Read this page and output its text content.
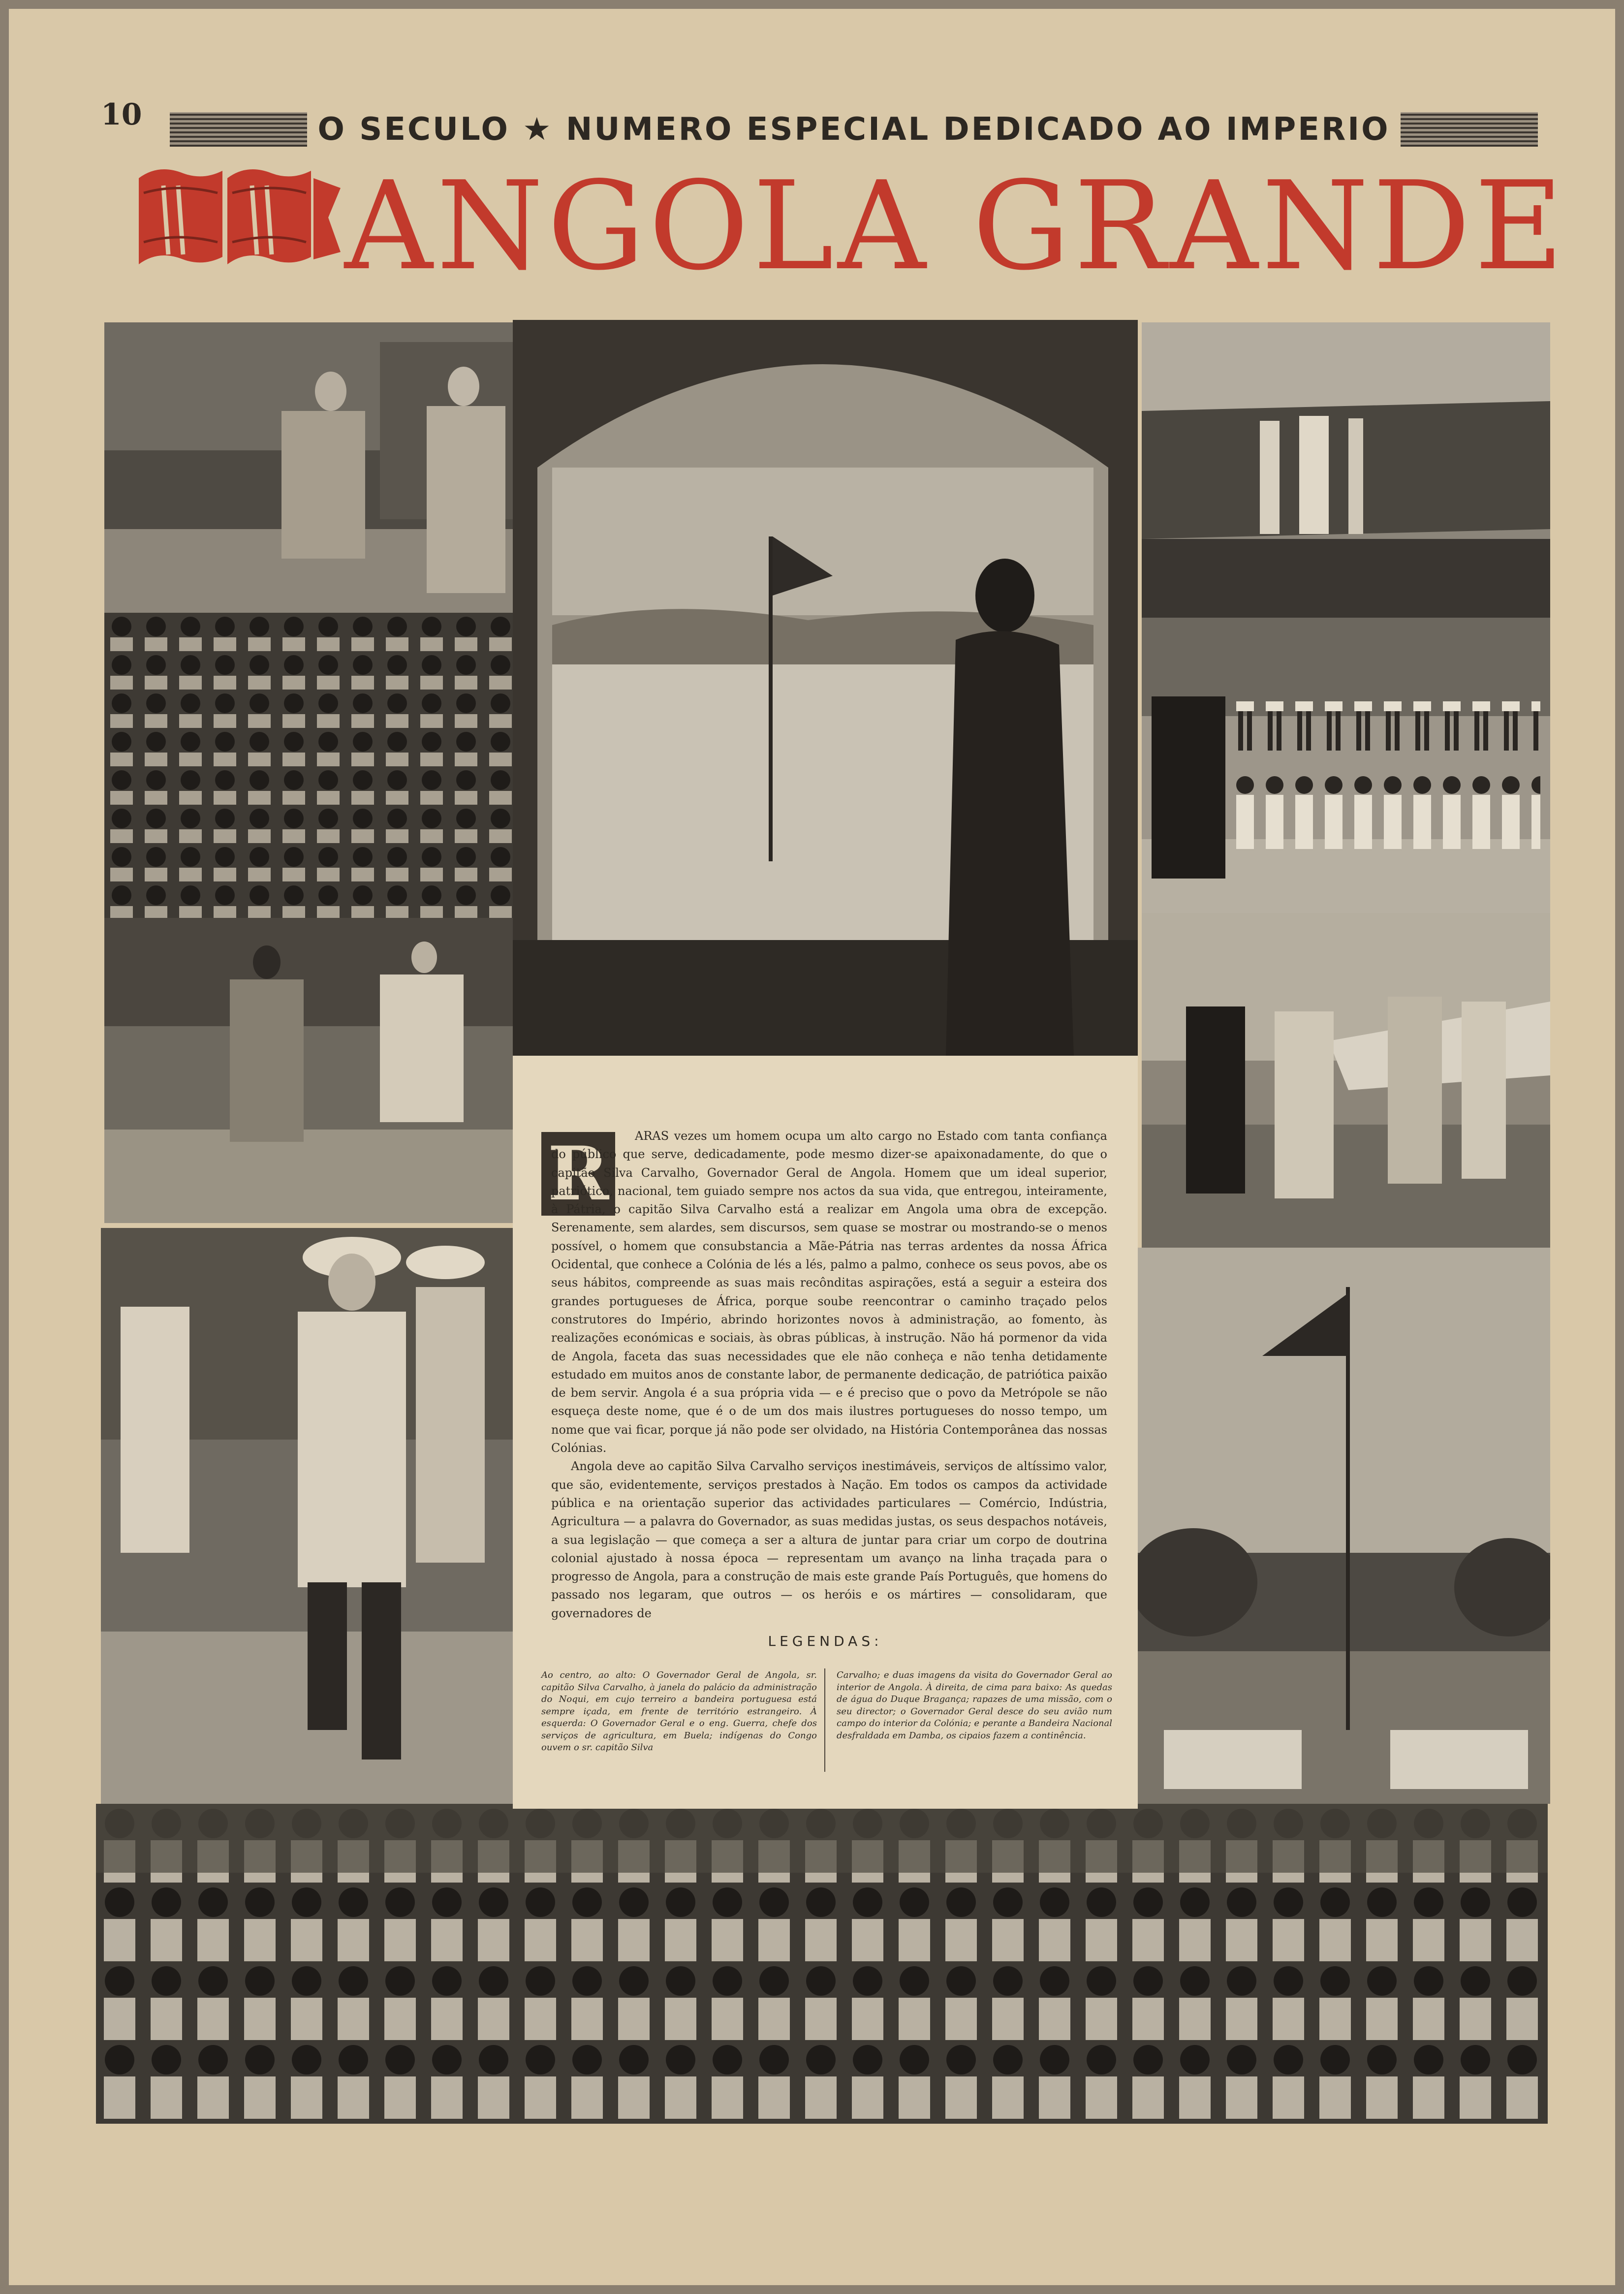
10	O SECULO ★ NUMERO ESPECIAL DEDICADO AO IMPERIO
ANGOLA GRANDE
R	ARAS vezes um homem ocupa um alto cargo no Estado com tanta confiança do público que serve, dedicadamente, pode mesmo dizer-se apaixonadamente, do que o capitão Silva Carvalho, Governador Geral de Angola. Homem que um ideal superior, patriótico, nacional, tem guiado sempre nos actos da sua vida, que entregou, inteiramente, à Pátria, o capitão Silva Carvalho está a realizar em Angola uma obra de excepção. Serenamente, sem alardes, sem discursos, sem quase se mostrar ou mostrando-se o menos possível, o homem que consubstancia a Mãe-Pátria nas terras ardentes da nossa África Ocidental, que conhece a Colónia de lés a lés, palmo a palmo, conhece os seus povos, abe os seus hábitos, compreende as suas mais recônditas aspirações, está a seguir a esteira dos grandes portugueses de África, porque soube reencontrar o caminho traçado pelos construtores do Império, abrindo horizontes novos à administração, ao fomento, às realizações económicas e sociais, às obras públicas, à instrução. Não há pormenor da vida de Angola, faceta das suas necessidades que ele não conheça e não tenha detidamente estudado em muitos anos de constante labor, de permanente dedicação, de patriótica paixão de bem servir. Angola é a sua própria vida — e é preciso que o povo da Metrópole se não esqueça deste nome, que é o de um dos mais ilustres portugueses do nosso tempo, um nome que vai ficar, porque já não pode ser olvidado, na História Contemporânea das nossas Colónias.

Angola deve ao capitão Silva Carvalho serviços inestimáveis, serviços de altíssimo valor, que são, evidentemente, serviços prestados à Nação. Em todos os campos da actividade pública e na orientação superior das actividades particulares — Comércio, Indústria, Agricultura — a palavra do Governador, as suas medidas justas, os seus despachos notáveis, a sua legislação — que começa a ser a altura de juntar para criar um corpo de doutrina colonial ajustado à nossa época — representam um avanço na linha traçada para o progresso de Angola, para a construção de mais este grande País Português, que homens do passado nos legaram, que outros — os heróis e os mártires — consolidaram, que governadores de

LEGENDAS:
Ao centro, ao alto: O Governador Geral de Angola, sr. capitão Silva Carvalho, à janela do palácio da administração do Noqui, em cujo terreiro a bandeira portuguesa está sempre içada, em frente de território estrangeiro. À esquerda: O Governador Geral e o eng. Guerra, chefe dos serviços de agricultura, em Buela; indígenas do Congo ouvem o sr. capitão Silva
Carvalho; e duas imagens da visita do Governador Geral ao interior de Angola. À direita, de cima para baixo: As quedas de água do Duque Bragança; rapazes de uma missão, com o seu director; o Governador Geral desce do seu avião num campo do interior da Colónia; e perante a Bandeira Nacional desfraldada em Damba, os cipaios fazem a continência.
